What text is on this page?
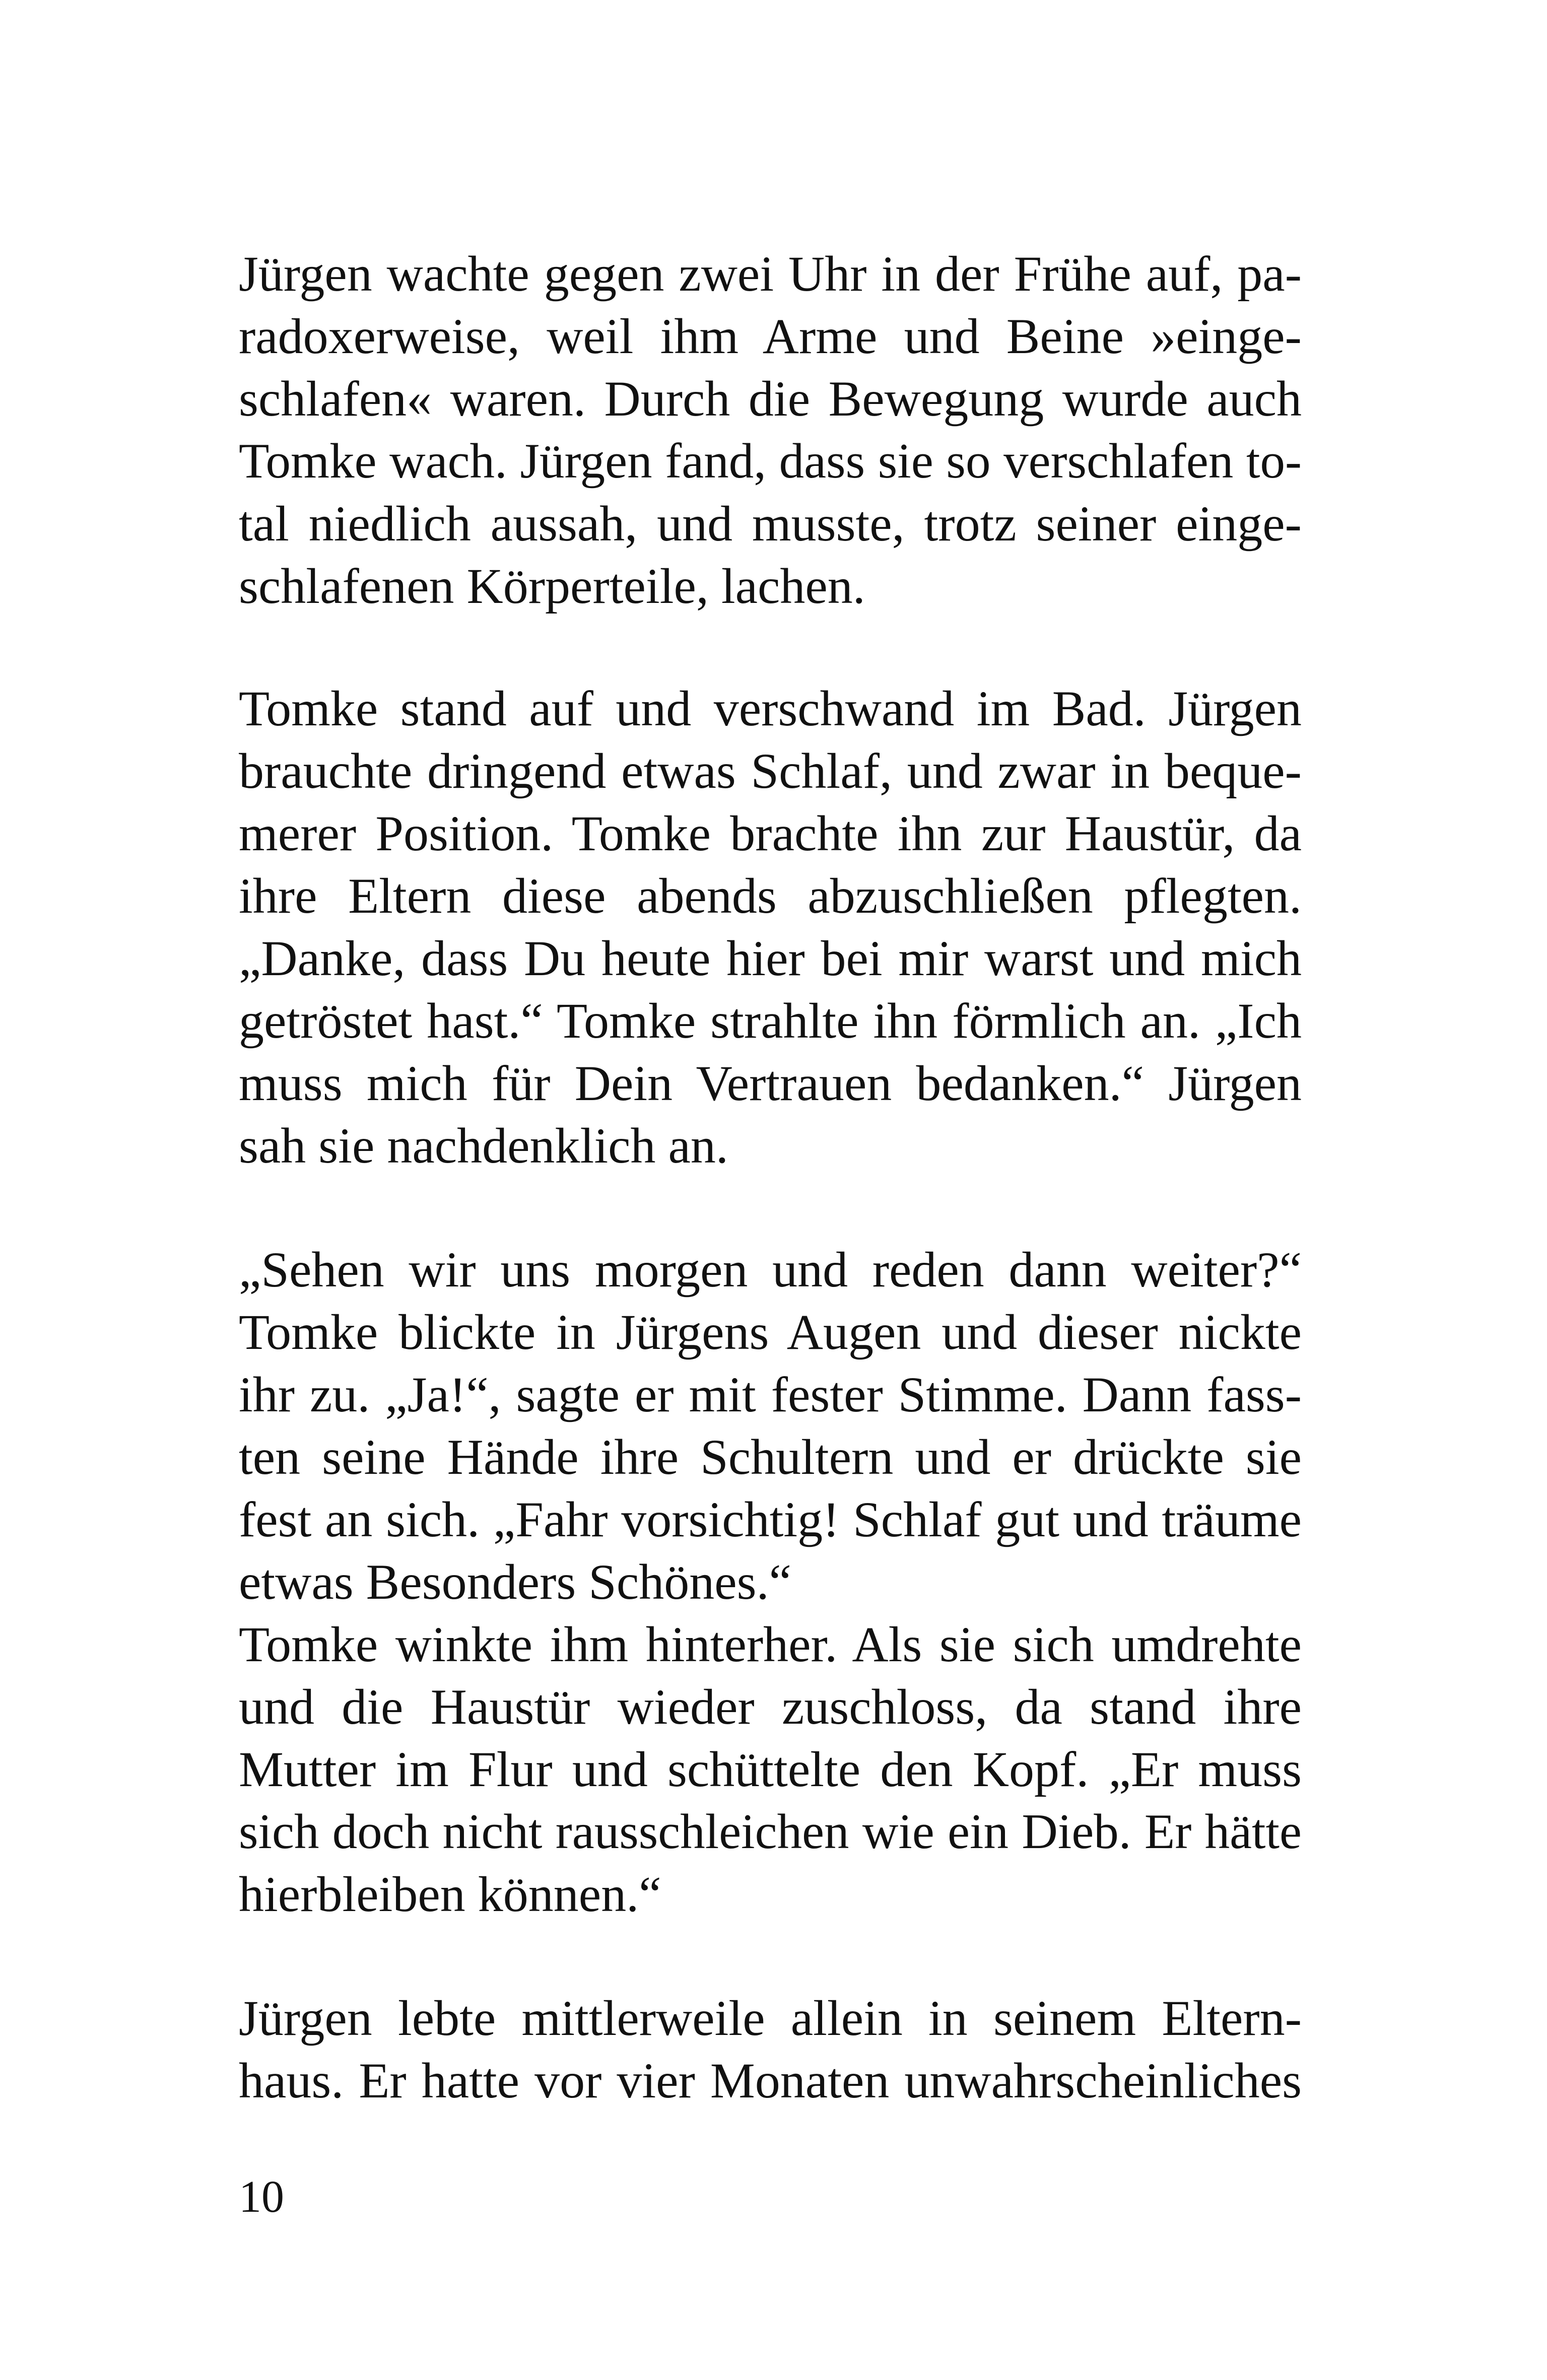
Jürgen wachte gegen zwei Uhr in der Frühe auf, pa-
radoxerweise, weil ihm Arme und Beine »einge-
schlafen« waren. Durch die Bewegung wurde auch
Tomke wach. Jürgen fand, dass sie so verschlafen to-
tal niedlich aussah, und musste, trotz seiner einge-
schlafenen Körperteile, lachen.
Tomke stand auf und verschwand im Bad. Jürgen
brauchte dringend etwas Schlaf, und zwar in beque-
merer Position. Tomke brachte ihn zur Haustür, da
ihre Eltern diese abends abzuschließen pflegten.
„Danke, dass Du heute hier bei mir warst und mich
getröstet hast.“ Tomke strahlte ihn förmlich an. „Ich
muss mich für Dein Vertrauen bedanken.“ Jürgen
sah sie nachdenklich an.
„Sehen wir uns morgen und reden dann weiter?“
Tomke blickte in Jürgens Augen und dieser nickte
ihr zu. „Ja!“, sagte er mit fester Stimme. Dann fass-
ten seine Hände ihre Schultern und er drückte sie
fest an sich. „Fahr vorsichtig! Schlaf gut und träume
etwas Besonders Schönes.“
Tomke winkte ihm hinterher. Als sie sich umdrehte
und die Haustür wieder zuschloss, da stand ihre
Mutter im Flur und schüttelte den Kopf. „Er muss
sich doch nicht rausschleichen wie ein Dieb. Er hätte
hierbleiben können.“
Jürgen lebte mittlerweile allein in seinem Eltern-
haus. Er hatte vor vier Monaten unwahrscheinliches
10
